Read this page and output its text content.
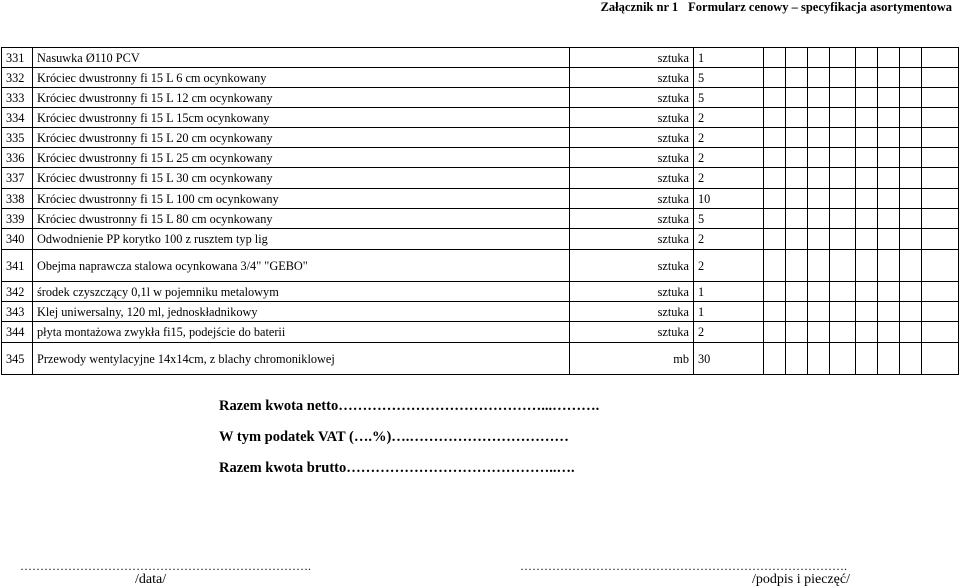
Załącznik nr 1 Formularz cenowy – specyfikacja asortymentowa
331	Nasuwka Ø110 PCV	sztuka	1								
332	Króciec dwustronny fi 15 L 6 cm ocynkowany	sztuka	5								
333	Króciec dwustronny fi 15 L 12 cm ocynkowany	sztuka	5								
334	Króciec dwustronny fi 15 L 15cm ocynkowany	sztuka	2								
335	Króciec dwustronny fi 15 L 20 cm ocynkowany	sztuka	2								
336	Króciec dwustronny fi 15 L 25 cm ocynkowany	sztuka	2								
337	Króciec dwustronny fi 15 L 30 cm ocynkowany	sztuka	2								
338	Króciec dwustronny fi 15 L 100 cm ocynkowany	sztuka	10								
339	Króciec dwustronny fi 15 L 80 cm ocynkowany	sztuka	5								
340	Odwodnienie PP korytko 100 z rusztem typ lig	sztuka	2								
341	Obejma naprawcza stalowa ocynkowana 3/4" "GEBO"	sztuka	2								
342	środek czyszczący 0,1l w pojemniku metalowym	sztuka	1								
343	Klej uniwersalny, 120 ml, jednoskładnikowy	sztuka	1								
344	płyta montażowa zwykła fi15, podejście do baterii	sztuka	2								
345	Przewody wentylacyjne 14x14cm, z blachy chromoniklowej	mb	30								
Razem kwota netto……………………………………...……….
W tym podatek VAT (….%)….……………………………
Razem kwota brutto……………………………………..….
……………………………………………………………….
/data/
……………………………………………………………………….
/podpis i pieczęć/
